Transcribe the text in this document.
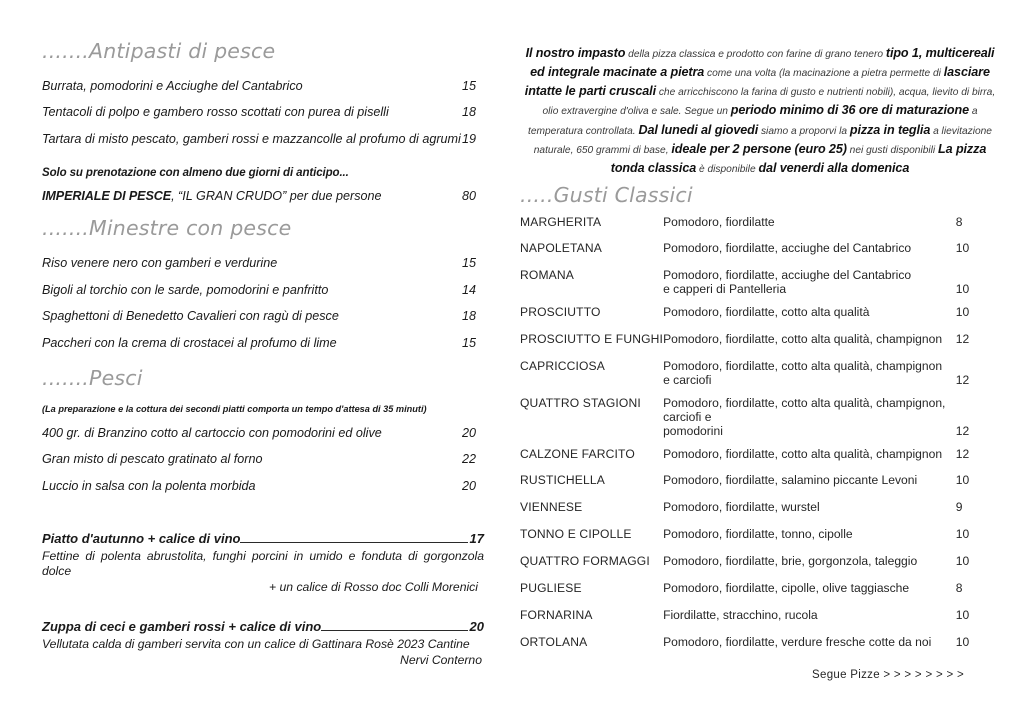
.......Antipasti di pesce
Burrata, pomodorini e Acciughe del Cantabrico	15
Tentacoli di polpo e gambero rosso scottati con purea di piselli	18
Tartara di misto pescato, gamberi rossi e mazzancolle al profumo di agrumi 19
Solo su prenotazione con almeno due giorni di anticipo...
IMPERIALE DI PESCE, “IL GRAN CRUDO” per due persone	80
.......Minestre con pesce
Riso venere nero con gamberi e verdurine	15
Bigoli al torchio con le sarde, pomodorini e panfritto	14
Spaghettoni di Benedetto Cavalieri con ragù di pesce	18
Paccheri con la crema di crostacei al profumo di lime	15
.......Pesci
(La preparazione e la cottura dei secondi piatti comporta un tempo d'attesa di 35 minuti)
400 gr. di Branzino cotto al cartoccio con pomodorini ed olive	20
Gran misto di pescato gratinato al forno	22
Luccio in salsa con la polenta morbida	20
Piatto d'autunno + calice di vino	17
Fettine di polenta abrustolita, funghi porcini in umido e fonduta di gorgonzola dolce
+ un calice di Rosso doc Colli Morenici
Zuppa di ceci e gamberi rossi + calice di vino	20
Vellutata calda di gamberi servita con un calice di Gattinara Rosè 2023 Cantine
Nervi Conterno

Il nostro impasto della pizza classica e prodotto con farine di grano tenero tipo 1, multicereali ed integrale macinate a pietra come una volta (la macinazione a pietra permette di lasciare intatte le parti cruscali che arricchiscono la farina di gusto e nutrienti nobili), acqua, lievito di birra, olio extravergine d'oliva e sale. Segue un periodo minimo di 36 ore di maturazione a temperatura controllata. Dal lunedi al giovedi siamo a proporvi la pizza in teglia a lievitazione naturale, 650 grammi di base, ideale per 2 persone (euro 25) nei gusti disponibili La pizza tonda classica è disponibile dal venerdi alla domenica

.....Gusti Classici
MARGHERITA	Pomodoro, fiordilatte	8
NAPOLETANA	Pomodoro, fiordilatte, acciughe del Cantabrico	10
ROMANA	Pomodoro, fiordilatte, acciughe del Cantabrico
e capperi di Pantelleria	10
PROSCIUTTO	Pomodoro, fiordilatte, cotto alta qualità	10
PROSCIUTTO E FUNGHI	Pomodoro, fiordilatte, cotto alta qualità, champignon	12
CAPRICCIOSA	Pomodoro, fiordilatte, cotto alta qualità, champignon
e carciofi	12
QUATTRO STAGIONI	Pomodoro, fiordilatte, cotto alta qualità, champignon, carciofi e
pomodorini	12
CALZONE FARCITO	Pomodoro, fiordilatte, cotto alta qualità, champignon	12
RUSTICHELLA	Pomodoro, fiordilatte, salamino piccante Levoni	10
VIENNESE	Pomodoro, fiordilatte, wurstel	9
TONNO E CIPOLLE	Pomodoro, fiordilatte, tonno, cipolle	10
QUATTRO FORMAGGI	Pomodoro, fiordilatte, brie, gorgonzola, taleggio	10
PUGLIESE	Pomodoro, fiordilatte, cipolle, olive taggiasche	8
FORNARINA	Fiordilatte, stracchino, rucola	10
ORTOLANA	Pomodoro, fiordilatte, verdure fresche cotte da noi	10
Segue Pizze > > > > > > > >
